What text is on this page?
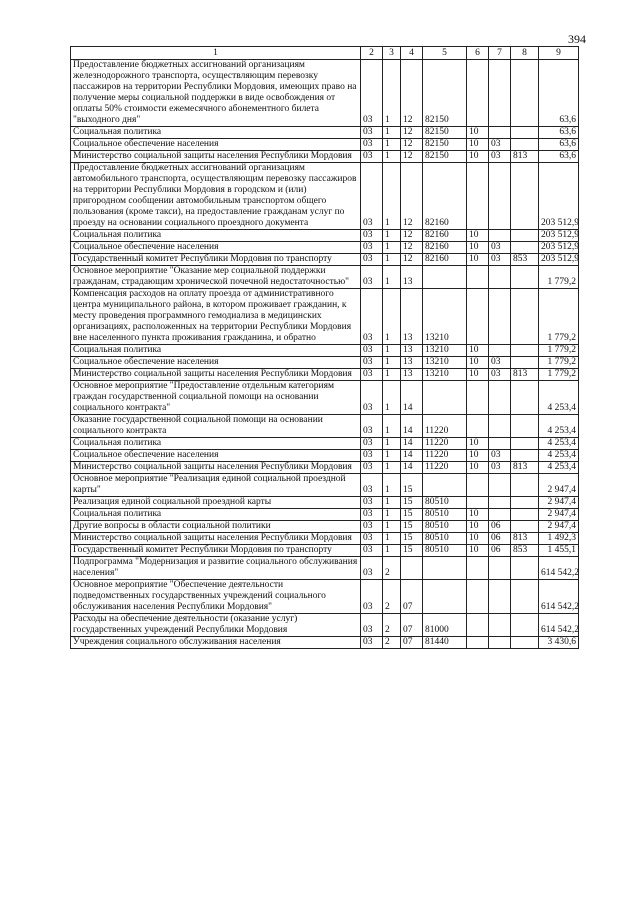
394
1	2	3	4	5	6	7	8	9
Предоставление бюджетных ассигнований организациям железнодорожного транспорта, осуществляющим перевозку пассажиров на территории Республики Мордовия, имеющих право на получение меры социальной поддержки в виде освобождения от оплаты 50% стоимости ежемесячного абонементного билета "выходного дня"	03	1	12	82150				63,6
Социальная политика	03	1	12	82150	10			63,6
Социальное обеспечение населения	03	1	12	82150	10	03		63,6
Министерство социальной защиты населения Республики Мордовия	03	1	12	82150	10	03	813	63,6
Предоставление бюджетных ассигнований организациям автомобильного транспорта, осуществляющим перевозку пассажиров на территории Республики Мордовия в городском и (или) пригородном сообщении автомобильным транспортом общего пользования (кроме такси), на предоставление гражданам услуг по проезду на основании социального проездного документа	03	1	12	82160				203 512,9
Социальная политика	03	1	12	82160	10			203 512,9
Социальное обеспечение населения	03	1	12	82160	10	03		203 512,9
Государственный комитет Республики Мордовия по транспорту	03	1	12	82160	10	03	853	203 512,9
Основное мероприятие "Оказание мер социальной поддержки гражданам, страдающим хронической почечной недостаточностью"	03	1	13					1 779,2
Компенсация расходов на оплату проезда от административного центра муниципального района, в котором проживает гражданин, к месту проведения программного гемодиализа в медицинских организациях, расположенных на территории Республики Мордовия вне населенного пункта проживания гражданина, и обратно	03	1	13	13210				1 779,2
Социальная политика	03	1	13	13210	10			1 779,2
Социальное обеспечение населения	03	1	13	13210	10	03		1 779,2
Министерство социальной защиты населения Республики Мордовия	03	1	13	13210	10	03	813	1 779,2
Основное мероприятие "Предоставление отдельным категориям граждан государственной социальной помощи на основании социального контракта"	03	1	14					4 253,4
Оказание государственной социальной помощи на основании социального контракта	03	1	14	11220				4 253,4
Социальная политика	03	1	14	11220	10			4 253,4
Социальное обеспечение населения	03	1	14	11220	10	03		4 253,4
Министерство социальной защиты населения Республики Мордовия	03	1	14	11220	10	03	813	4 253,4
Основное мероприятие "Реализация единой социальной проездной карты"	03	1	15					2 947,4
Реализация единой социальной проездной карты	03	1	15	80510				2 947,4
Социальная политика	03	1	15	80510	10			2 947,4
Другие вопросы в области социальной политики	03	1	15	80510	10	06		2 947,4
Министерство социальной защиты населения Республики Мордовия	03	1	15	80510	10	06	813	1 492,3
Государственный комитет Республики Мордовия по транспорту	03	1	15	80510	10	06	853	1 455,1
Подпрограмма "Модернизация и развитие социального обслуживания населения"	03	2						614 542,2
Основное мероприятие "Обеспечение деятельности подведомственных государственных учреждений социального обслуживания населения Республики Мордовия"	03	2	07					614 542,2
Расходы на обеспечение деятельности (оказание услуг) государственных учреждений Республики Мордовия	03	2	07	81000				614 542,2
Учреждения социального обслуживания населения	03	2	07	81440				3 430,6
